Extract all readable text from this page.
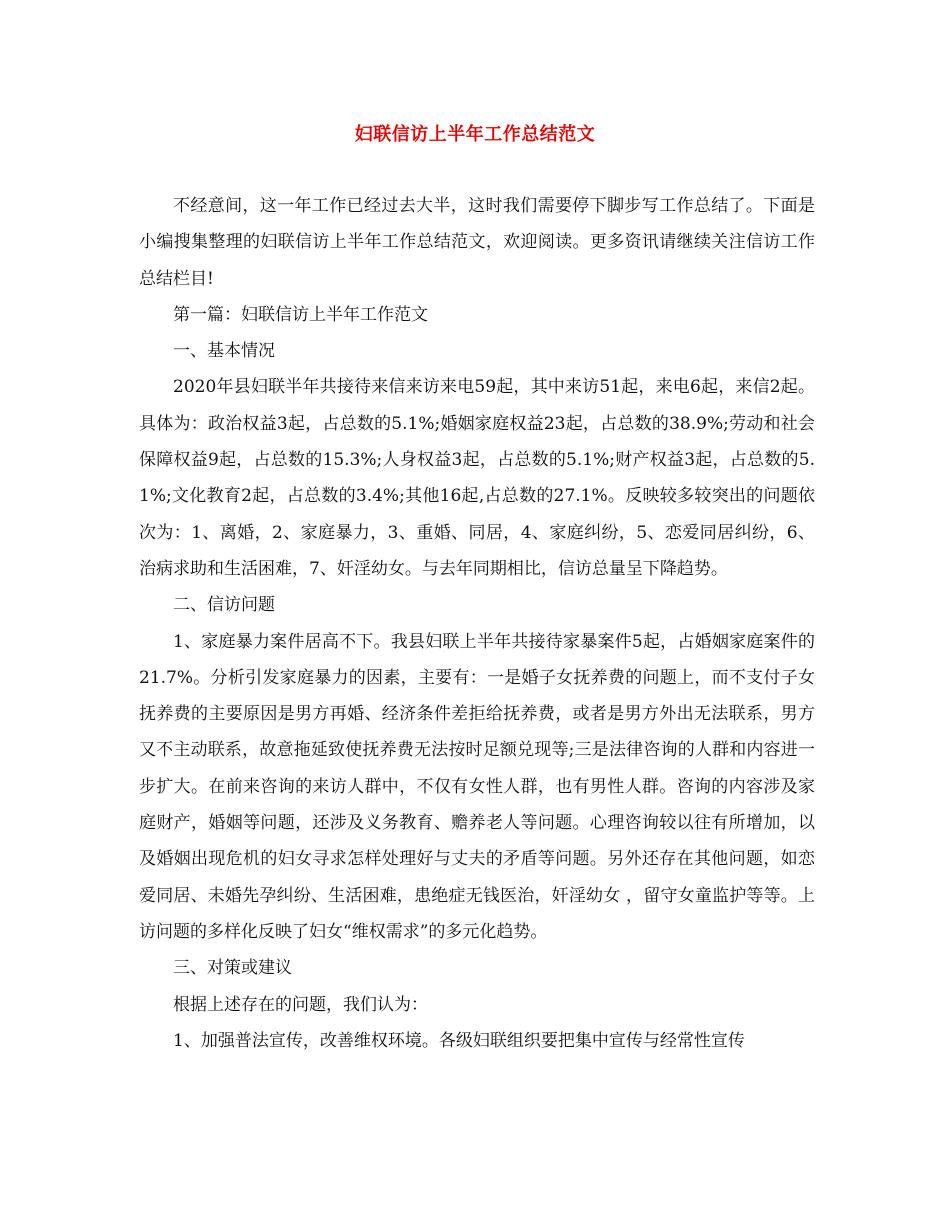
妇联信访上半年工作总结范文

不经意间，这一年工作已经过去大半，这时我们需要停下脚步写工作总结了。下面是小编搜集整理的妇联信访上半年工作总结范文，欢迎阅读。更多资讯请继续关注信访工作总结栏目!

第一篇：妇联信访上半年工作范文

一、基本情况

2020年县妇联半年共接待来信来访来电59起，其中来访51起，来电6起，来信2起。具体为：政治权益3起，占总数的5.1%;婚姻家庭权益23起，占总数的38.9%;劳动和社会保障权益9起，占总数的15.3%;人身权益3起，占总数的5.1%;财产权益3起，占总数的5.1%;文化教育2起，占总数的3.4%;其他16起,占总数的27.1%。反映较多较突出的问题依次为：1、离婚，2、家庭暴力，3、重婚、同居，4、家庭纠纷，5、恋爱同居纠纷，6、治病求助和生活困难，7、奸淫幼女。与去年同期相比，信访总量呈下降趋势。

二、信访问题

1、家庭暴力案件居高不下。我县妇联上半年共接待家暴案件5起，占婚姻家庭案件的21.7%。分析引发家庭暴力的因素，主要有：一是婚子女抚养费的问题上，而不支付子女抚养费的主要原因是男方再婚、经济条件差拒给抚养费，或者是男方外出无法联系，男方又不主动联系，故意拖延致使抚养费无法按时足额兑现等;三是法律咨询的人群和内容进一步扩大。在前来咨询的来访人群中，不仅有女性人群，也有男性人群。咨询的内容涉及家庭财产，婚姻等问题，还涉及义务教育、赡养老人等问题。心理咨询较以往有所增加，以及婚姻出现危机的妇女寻求怎样处理好与丈夫的矛盾等问题。另外还存在其他问题，如恋爱同居、未婚先孕纠纷、生活困难，患绝症无钱医治，奸淫幼女 ，留守女童监护等等。上访问题的多样化反映了妇女“维权需求”的多元化趋势。

三、对策或建议

根据上述存在的问题，我们认为：

1、加强普法宣传，改善维权环境。各级妇联组织要把集中宣传与经常性宣传
